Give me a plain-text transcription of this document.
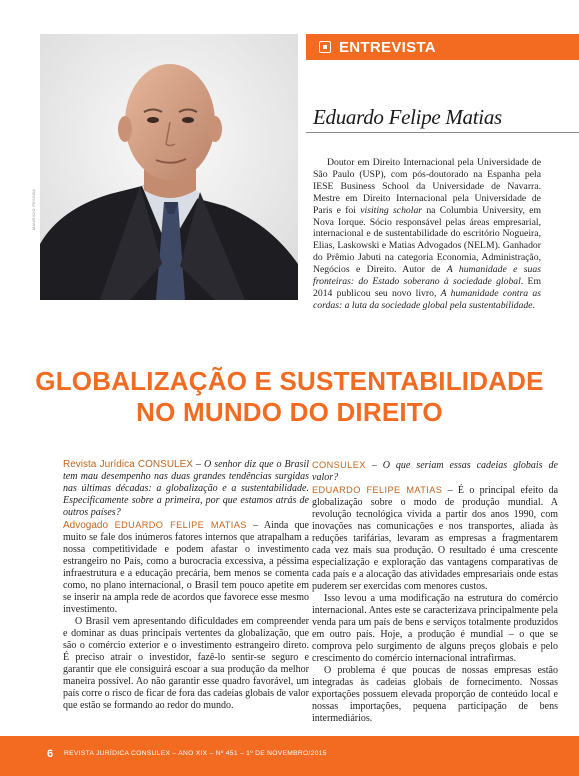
MAURICIO PESSOA
ENTREVISTA
Eduardo Felipe Matias

Doutor em Direito Internacional pela Universidade de São Paulo (USP), com pós-doutorado na Espanha pela IESE Business School da Universidade de Navarra. Mestre em Direito Internacional pela Universidade de Paris e foi visiting scholar na Columbia University, em Nova Iorque. Sócio responsável pelas áreas empresarial, internacional e de sustentabilidade do escritório Nogueira, Elias, Laskowski e Matias Advogados (NELM). Ganhador do Prêmio Jabuti na categoria Economia, Administração, Negócios e Direito. Autor de A humanidade e suas fronteiras: do Estado soberano à sociedade global. Em 2014 publicou seu novo livro, A humanidade contra as cordas: a luta da sociedade global pela sustentabilidade.

GLOBALIZAÇÃO E SUSTENTABILIDADE
NO MUNDO DO DIREITO

Revista Jurídica CONSULEX – O senhor diz que o Brasil tem mau desempenho nas duas grandes tendências surgidas nas últimas décadas: a globalização e a sustentabilidade. Especificamente sobre a primeira, por que estamos atrás de outros países?

Advogado EDUARDO FELIPE MATIAS – Ainda que muito se fale dos inúmeros fatores internos que atrapalham a nossa competitividade e podem afastar o investimento estrangeiro no País, como a burocracia excessiva, a péssima infraestrutura e a educação precária, bem menos se comenta como, no plano internacional, o Brasil tem pouco apetite em se inserir na ampla rede de acordos que favorece esse mesmo investimento.

O Brasil vem apresentando dificuldades em compreender e dominar as duas principais vertentes da globalização, que são o comércio exterior e o investimento estrangeiro direto. É preciso atrair o investidor, fazê-lo sentir-se seguro e garantir que ele consiguirá escoar a sua produção da melhor maneira possível. Ao não garantir esse quadro favorável, um país corre o risco de ficar de fora das cadeias globais de valor que estão se formando ao redor do mundo.

CONSULEX – O que seriam essas cadeias globais de valor?

EDUARDO FELIPE MATIAS – É o principal efeito da globalização sobre o modo de produção mundial. A revolução tecnológica vivida a partir dos anos 1990, com inovações nas comunicações e nos transportes, aliada às reduções tarifárias, levaram as empresas a fragmentarem cada vez mais sua produção. O resultado é uma crescente especialização e exploração das vantagens comparativas de cada país e a alocação das atividades empresariais onde estas puderem ser exercidas com menores custos.

Isso levou a uma modificação na estrutura do comércio internacional. Antes este se caracterizava principalmente pela venda para um país de bens e serviços totalmente produzidos em outro país. Hoje, a produção é mundial – o que se comprova pelo surgimento de alguns preços globais e pelo crescimento do comércio internacional intrafirmas.

O problema é que poucas de nossas empresas estão integradas às cadeias globais de fornecimento. Nossas exportações possuem elevada proporção de conteúdo local e nossas importações, pequena participação de bens intermediários.

6 REVISTA JURÍDICA CONSULEX – ANO XIX – Nº 451 – 1º DE NOVEMBRO/2015
